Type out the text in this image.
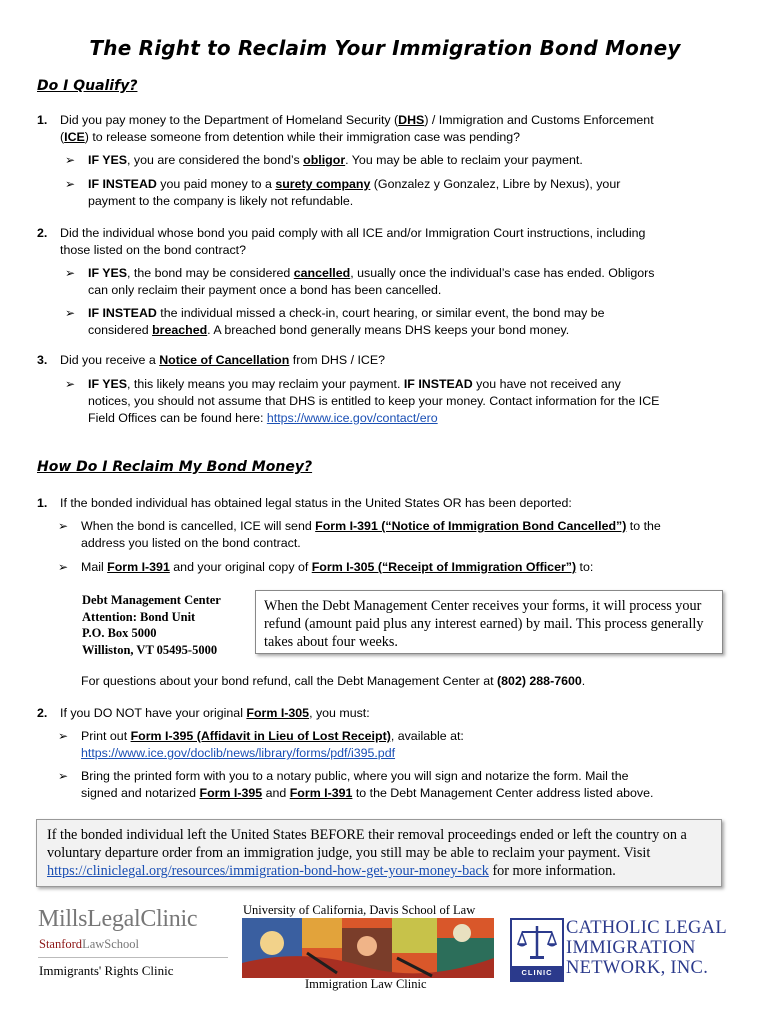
The Right to Reclaim Your Immigration Bond Money
Do I Qualify?
1. Did you pay money to the Department of Homeland Security (DHS) / Immigration and Customs Enforcement
(ICE) to release someone from detention while their immigration case was pending?
➢ IF YES, you are considered the bond’s obligor. You may be able to reclaim your payment.
➢ IF INSTEAD you paid money to a surety company (Gonzalez y Gonzalez, Libre by Nexus), your
payment to the company is likely not refundable.
2. Did the individual whose bond you paid comply with all ICE and/or Immigration Court instructions, including
those listed on the bond contract?
➢ IF YES, the bond may be considered cancelled, usually once the individual’s case has ended. Obligors
can only reclaim their payment once a bond has been cancelled.
➢ IF INSTEAD the individual missed a check-in, court hearing, or similar event, the bond may be
considered breached. A breached bond generally means DHS keeps your bond money.
3. Did you receive a Notice of Cancellation from DHS / ICE?
➢ IF YES, this likely means you may reclaim your payment. IF INSTEAD you have not received any
notices, you should not assume that DHS is entitled to keep your money. Contact information for the ICE
Field Offices can be found here: https://www.ice.gov/contact/ero
How Do I Reclaim My Bond Money?
1. If the bonded individual has obtained legal status in the United States OR has been deported:
➢ When the bond is cancelled, ICE will send Form I-391 (“Notice of Immigration Bond Cancelled”) to the
address you listed on the bond contract.
➢ Mail Form I-391 and your original copy of Form I-305 (“Receipt of Immigration Officer”) to:
Debt Management Center
Attention: Bond Unit
P.O. Box 5000
Williston, VT 05495-5000
When the Debt Management Center receives your forms, it will process your refund (amount paid plus any interest earned) by mail. This process generally takes about four weeks.
For questions about your bond refund, call the Debt Management Center at (802) 288-7600.
2. If you DO NOT have your original Form I-305, you must:
➢ Print out Form I-395 (Affidavit in Lieu of Lost Receipt), available at:
https://www.ice.gov/doclib/news/library/forms/pdf/i395.pdf
➢ Bring the printed form with you to a notary public, where you will sign and notarize the form. Mail the
signed and notarized Form I-395 and Form I-391 to the Debt Management Center address listed above.
If the bonded individual left the United States BEFORE their removal proceedings ended or left the country on a voluntary departure order from an immigration judge, you still may be able to reclaim your payment. Visit https://cliniclegal.org/resources/immigration-bond-how-get-your-money-back for more information.
MillsLegalClinic
StanfordLawSchool
Immigrants' Rights Clinic
University of California, Davis School of Law
Immigration Law Clinic
CLINIC
CATHOLIC LEGAL
IMMIGRATION
NETWORK, INC.
